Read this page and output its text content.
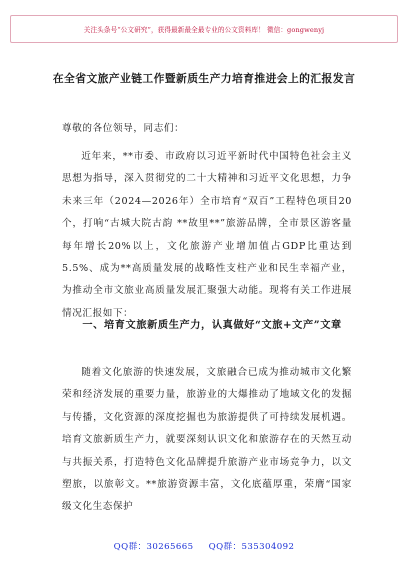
关注头条号“公文研究”，获得最新最全最专业的公文资料库！ 微信：gongwenyj
在全省文旅产业链工作暨新质生产力培育推进会上的汇报发言
尊敬的各位领导，同志们：
近年来，**市委、市政府以习近平新时代中国特色社会主义思想为指导，深入贯彻党的二十大精神和习近平文化思想，力争未来三年（2024—2026年）全市培育“双百”工程特色项目20个，打响“古城大院古韵 **故里**”旅游品牌，全市景区游客量每年增长20%以上，文化旅游产业增加值占GDP比重达到5.5%、成为**高质量发展的战略性支柱产业和民生幸福产业，为推动全市文旅业高质量发展汇聚强大动能。现将有关工作进展情况汇报如下：
一、培育文旅新质生产力，认真做好“文旅+文产”文章
随着文化旅游的快速发展，文旅融合已成为推动城市文化繁荣和经济发展的重要力量，旅游业的大爆推动了地域文化的发掘与传播，文化资源的深度挖掘也为旅游提供了可持续发展机遇。培育文旅新质生产力，就要深刻认识文化和旅游存在的天然互动与共振关系，打造特色文化品牌提升旅游产业市场竞争力，以文塑旅，以旅彰文。**旅游资源丰富，文化底蕴厚重，荣膺“国家级文化生态保护
QQ群：30265665 QQ群：535304092
